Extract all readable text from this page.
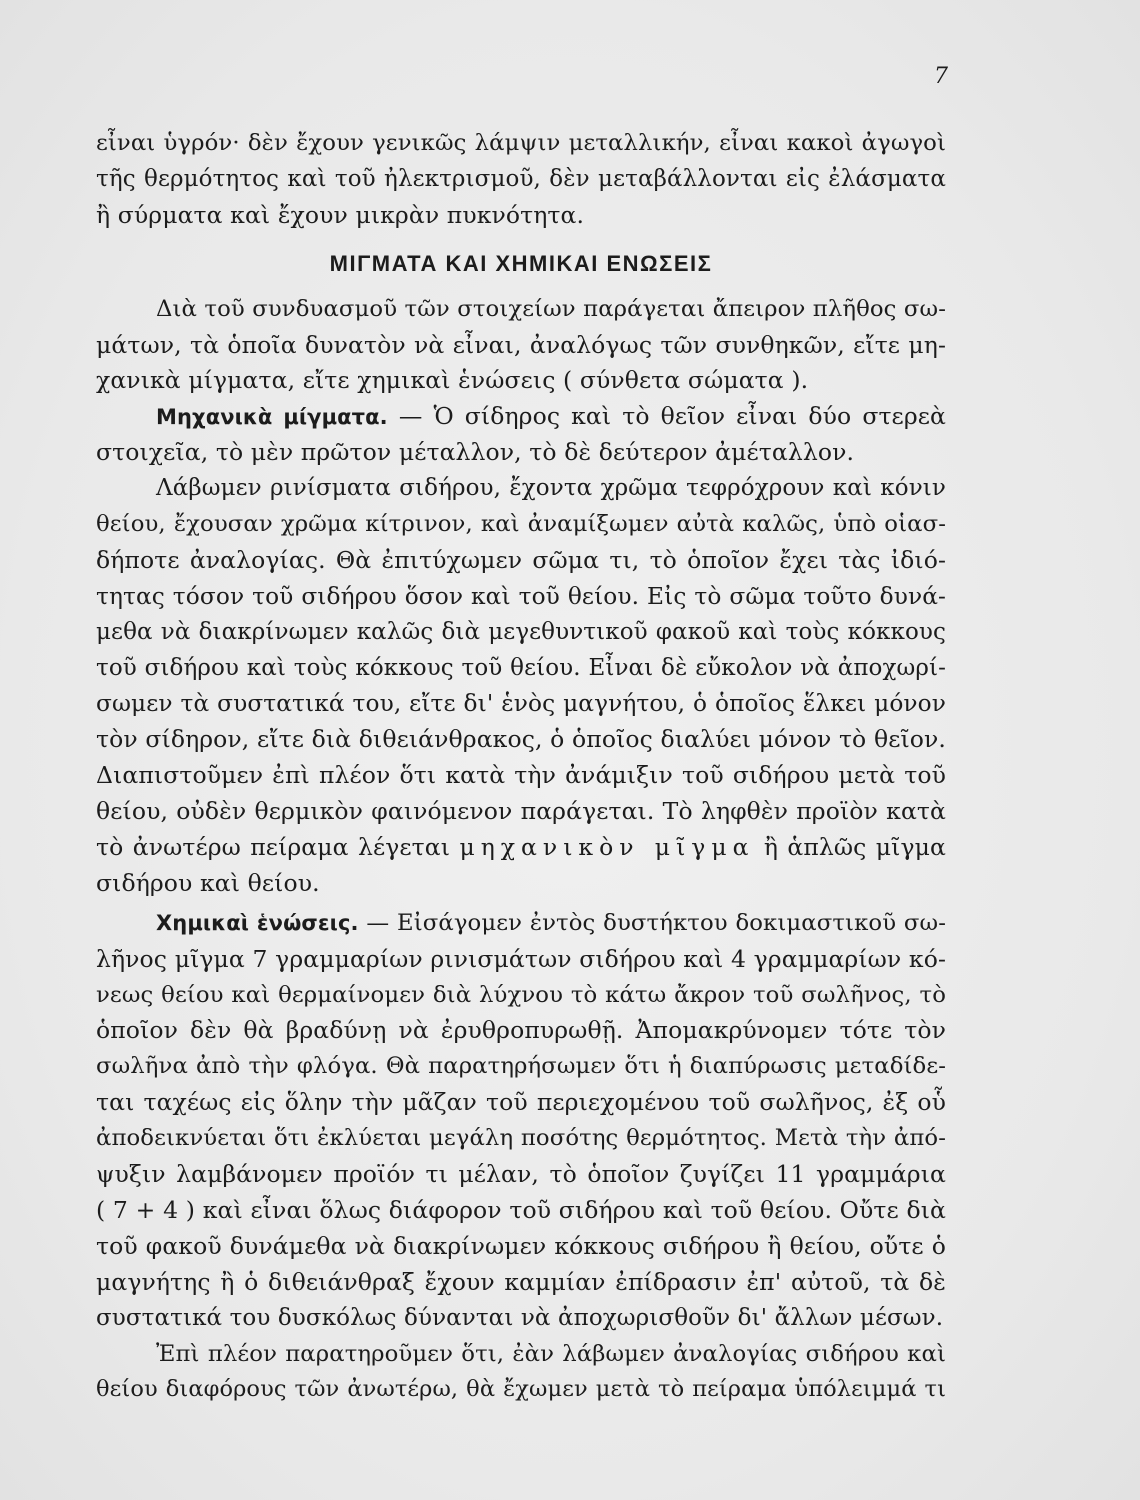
7
εἶναι ὑγρόν· δὲν ἔχουν γενικῶς λάμψιν μεταλλικήν, εἶναι κακοὶ ἀγωγοὶ
τῆς θερμότητος καὶ τοῦ ἠλεκτρισμοῦ, δὲν μεταβάλλονται εἰς ἐλάσματα
ἢ σύρματα καὶ ἔχουν μικρὰν πυκνότητα.
ΜΙΓΜΑΤΑ ΚΑΙ ΧΗΜΙΚΑΙ ΕΝΩΣΕΙΣ
Διὰ τοῦ συνδυασμοῦ τῶν στοιχείων παράγεται ἄπειρον πλῆθος σω-
μάτων, τὰ ὁποῖα δυνατὸν νὰ εἶναι, ἀναλόγως τῶν συνθηκῶν, εἴτε μη-
χανικὰ μίγματα, εἴτε χημικαὶ ἑνώσεις ( σύνθετα σώματα ).
Μηχανικὰ μίγματα. — Ὁ σίδηρος καὶ τὸ θεῖον εἶναι δύο στερεὰ
στοιχεῖα, τὸ μὲν πρῶτον μέταλλον, τὸ δὲ δεύτερον ἀμέταλλον.
Λάβωμεν ρινίσματα σιδήρου, ἔχοντα χρῶμα τεφρόχρουν καὶ κόνιν
θείου, ἔχουσαν χρῶμα κίτρινον, καὶ ἀναμίξωμεν αὐτὰ καλῶς, ὑπὸ οἱασ-
δήποτε ἀναλογίας. Θὰ ἐπιτύχωμεν σῶμα τι, τὸ ὁποῖον ἔχει τὰς ἰδιό-
τητας τόσον τοῦ σιδήρου ὅσον καὶ τοῦ θείου. Εἰς τὸ σῶμα τοῦτο δυνά-
μεθα νὰ διακρίνωμεν καλῶς διὰ μεγεθυντικοῦ φακοῦ καὶ τοὺς κόκκους
τοῦ σιδήρου καὶ τοὺς κόκκους τοῦ θείου. Εἶναι δὲ εὔκολον νὰ ἀποχωρί-
σωμεν τὰ συστατικά του, εἴτε δι' ἑνὸς μαγνήτου, ὁ ὁποῖος ἕλκει μόνον
τὸν σίδηρον, εἴτε διὰ διθειάνθρακος, ὁ ὁποῖος διαλύει μόνον τὸ θεῖον.
Διαπιστοῦμεν ἐπὶ πλέον ὅτι κατὰ τὴν ἀνάμιξιν τοῦ σιδήρου μετὰ τοῦ
θείου, οὐδὲν θερμικὸν φαινόμενον παράγεται. Τὸ ληφθὲν προϊὸν κατὰ
τὸ ἀνωτέρω πείραμα λέγεται μηχανικὸν μῖγμα ἢ ἁπλῶς μῖγμα
σιδήρου καὶ θείου.
Χημικαὶ ἑνώσεις. — Εἰσάγομεν ἐντὸς δυστήκτου δοκιμαστικοῦ σω-
λῆνος μῖγμα 7 γραμμαρίων ρινισμάτων σιδήρου καὶ 4 γραμμαρίων κό-
νεως θείου καὶ θερμαίνομεν διὰ λύχνου τὸ κάτω ἄκρον τοῦ σωλῆνος, τὸ
ὁποῖον δὲν θὰ βραδύνῃ νὰ ἐρυθροπυρωθῇ. Ἀπομακρύνομεν τότε τὸν
σωλῆνα ἀπὸ τὴν φλόγα. Θὰ παρατηρήσωμεν ὅτι ἡ διαπύρωσις μεταδίδε-
ται ταχέως εἰς ὅλην τὴν μᾶζαν τοῦ περιεχομένου τοῦ σωλῆνος, ἐξ οὗ
ἀποδεικνύεται ὅτι ἐκλύεται μεγάλη ποσότης θερμότητος. Μετὰ τὴν ἀπό-
ψυξιν λαμβάνομεν προϊόν τι μέλαν, τὸ ὁποῖον ζυγίζει 11 γραμμάρια
( 7 + 4 ) καὶ εἶναι ὅλως διάφορον τοῦ σιδήρου καὶ τοῦ θείου. Οὔτε διὰ
τοῦ φακοῦ δυνάμεθα νὰ διακρίνωμεν κόκκους σιδήρου ἢ θείου, οὔτε ὁ
μαγνήτης ἢ ὁ διθειάνθραξ ἔχουν καμμίαν ἐπίδρασιν ἐπ' αὐτοῦ, τὰ δὲ
συστατικά του δυσκόλως δύνανται νὰ ἀποχωρισθοῦν δι' ἄλλων μέσων.
Ἐπὶ πλέον παρατηροῦμεν ὅτι, ἐὰν λάβωμεν ἀναλογίας σιδήρου καὶ
θείου διαφόρους τῶν ἀνωτέρω, θὰ ἔχωμεν μετὰ τὸ πείραμα ὑπόλειμμά τι
